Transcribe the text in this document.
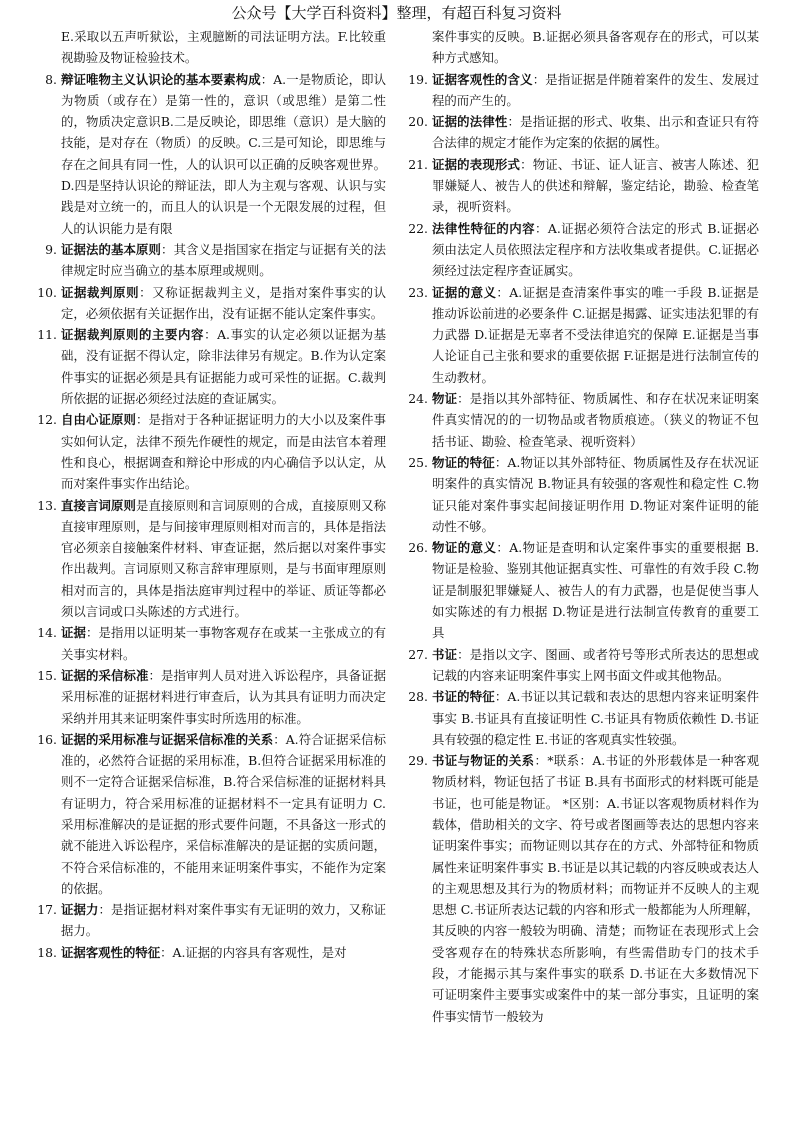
公众号【大学百科资料】整理，有超百科复习资料
E.采取以五声听狱讼，主观臆断的司法证明方法。F.比较重视勘验及物证检验技术。
8. 辩证唯物主义认识论的基本要素构成：A.一是物质论，即认为物质（或存在）是第一性的，意识（或思维）是第二性的，物质决定意识B.二是反映论，即思维（意识）是大脑的技能，是对存在（物质）的反映。C.三是可知论，即思维与存在之间具有同一性，人的认识可以正确的反映客观世界。D.四是坚持认识论的辩证法，即人为主观与客观、认识与实践是对立统一的，而且人的认识是一个无限发展的过程，但人的认识能力是有限
9. 证据法的基本原则：其含义是指国家在指定与证据有关的法律规定时应当确立的基本原理或规则。
10. 证据裁判原则：又称证据裁判主义，是指对案件事实的认定，必须依据有关证据作出，没有证据不能认定案件事实。
11. 证据裁判原则的主要内容：A.事实的认定必须以证据为基础，没有证据不得认定，除非法律另有规定。B.作为认定案件事实的证据必须是具有证据能力或可采性的证据。C.裁判所依据的证据必须经过法庭的查证属实。
12. 自由心证原则：是指对于各种证据证明力的大小以及案件事实如何认定，法律不预先作硬性的规定，而是由法官本着理性和良心，根据调查和辩论中形成的内心确信予以认定，从而对案件事实作出结论。
13. 直接言词原则是直接原则和言词原则的合成，直接原则又称直接审理原则，是与间接审理原则相对而言的，具体是指法官必须亲自接触案件材料、审查证据，然后据以对案件事实作出裁判。言词原则又称言辞审理原则，是与书面审理原则相对而言的，具体是指法庭审判过程中的举证、质证等都必须以言词或口头陈述的方式进行。
14. 证据：是指用以证明某一事物客观存在或某一主张成立的有关事实材料。
15. 证据的采信标准：是指审判人员对进入诉讼程序，具备证据采用标准的证据材料进行审查后，认为其具有证明力而决定采纳并用其来证明案件事实时所选用的标准。
16. 证据的采用标准与证据采信标准的关系：A.符合证据采信标准的，必然符合证据的采用标准，B.但符合证据采用标准的则不一定符合证据采信标准，B.符合采信标准的证据材料具有证明力，符合采用标准的证据材料不一定具有证明力 C.采用标准解决的是证据的形式要件问题，不具备这一形式的就不能进入诉讼程序，采信标准解决的是证据的实质问题，不符合采信标准的，不能用来证明案件事实，不能作为定案的依据。
17. 证据力：是指证据材料对案件事实有无证明的效力，又称证据力。
18. 证据客观性的特征：A.证据的内容具有客观性，是对
案件事实的反映。B.证据必须具备客观存在的形式，可以某种方式感知。
19. 证据客观性的含义：是指证据是伴随着案件的发生、发展过程的而产生的。
20. 证据的法律性：是指证据的形式、收集、出示和查证只有符合法律的规定才能作为定案的依据的属性。
21. 证据的表现形式：物证、书证、证人证言、被害人陈述、犯罪嫌疑人、被告人的供述和辩解，鉴定结论，勘验、检查笔录，视听资料。
22. 法律性特征的内容：A.证据必须符合法定的形式 B.证据必须由法定人员依照法定程序和方法收集或者提供。C.证据必须经过法定程序查证属实。
23. 证据的意义：A.证据是查清案件事实的唯一手段 B.证据是推动诉讼前进的必要条件 C.证据是揭露、证实违法犯罪的有力武器 D.证据是无辜者不受法律追究的保障 E.证据是当事人论证自己主张和要求的重要依据 F.证据是进行法制宣传的生动教材。
24. 物证：是指以其外部特征、物质属性、和存在状况来证明案件真实情况的的一切物品或者物质痕迹。（狭义的物证不包括书证、勘验、检查笔录、视听资料）
25. 物证的特征：A.物证以其外部特征、物质属性及存在状况证明案件的真实情况 B.物证具有较强的客观性和稳定性 C.物证只能对案件事实起间接证明作用 D.物证对案件证明的能动性不够。
26. 物证的意义：A.物证是查明和认定案件事实的重要根据 B.物证是检验、鉴别其他证据真实性、可靠性的有效手段 C.物证是制服犯罪嫌疑人、被告人的有力武器，也是促使当事人如实陈述的有力根据 D.物证是进行法制宣传教育的重要工具
27. 书证：是指以文字、图画、或者符号等形式所表达的思想或记载的内容来证明案件事实上网书面文件或其他物品。
28. 书证的特征：A.书证以其记载和表达的思想内容来证明案件事实 B.书证具有直接证明性 C.书证具有物质依赖性 D.书证具有较强的稳定性 E.书证的客观真实性较强。
29. 书证与物证的关系：*联系：A.书证的外形载体是一种客观物质材料，物证包括了书证 B.具有书面形式的材料既可能是书证，也可能是物证。 *区别：A.书证以客观物质材料作为载体，借助相关的文字、符号或者图画等表达的思想内容来证明案件事实；而物证则以其存在的方式、外部特征和物质属性来证明案件事实 B.书证是以其记载的内容反映或表达人的主观思想及其行为的物质材料；而物证并不反映人的主观思想 C.书证所表达记载的内容和形式一般都能为人所理解，其反映的内容一般较为明确、清楚；而物证在表现形式上会受客观存在的特殊状态所影响，有些需借助专门的技术手段，才能揭示其与案件事实的联系 D.书证在大多数情况下可证明案件主要事实或案件中的某一部分事实，且证明的案件事实情节一般较为
